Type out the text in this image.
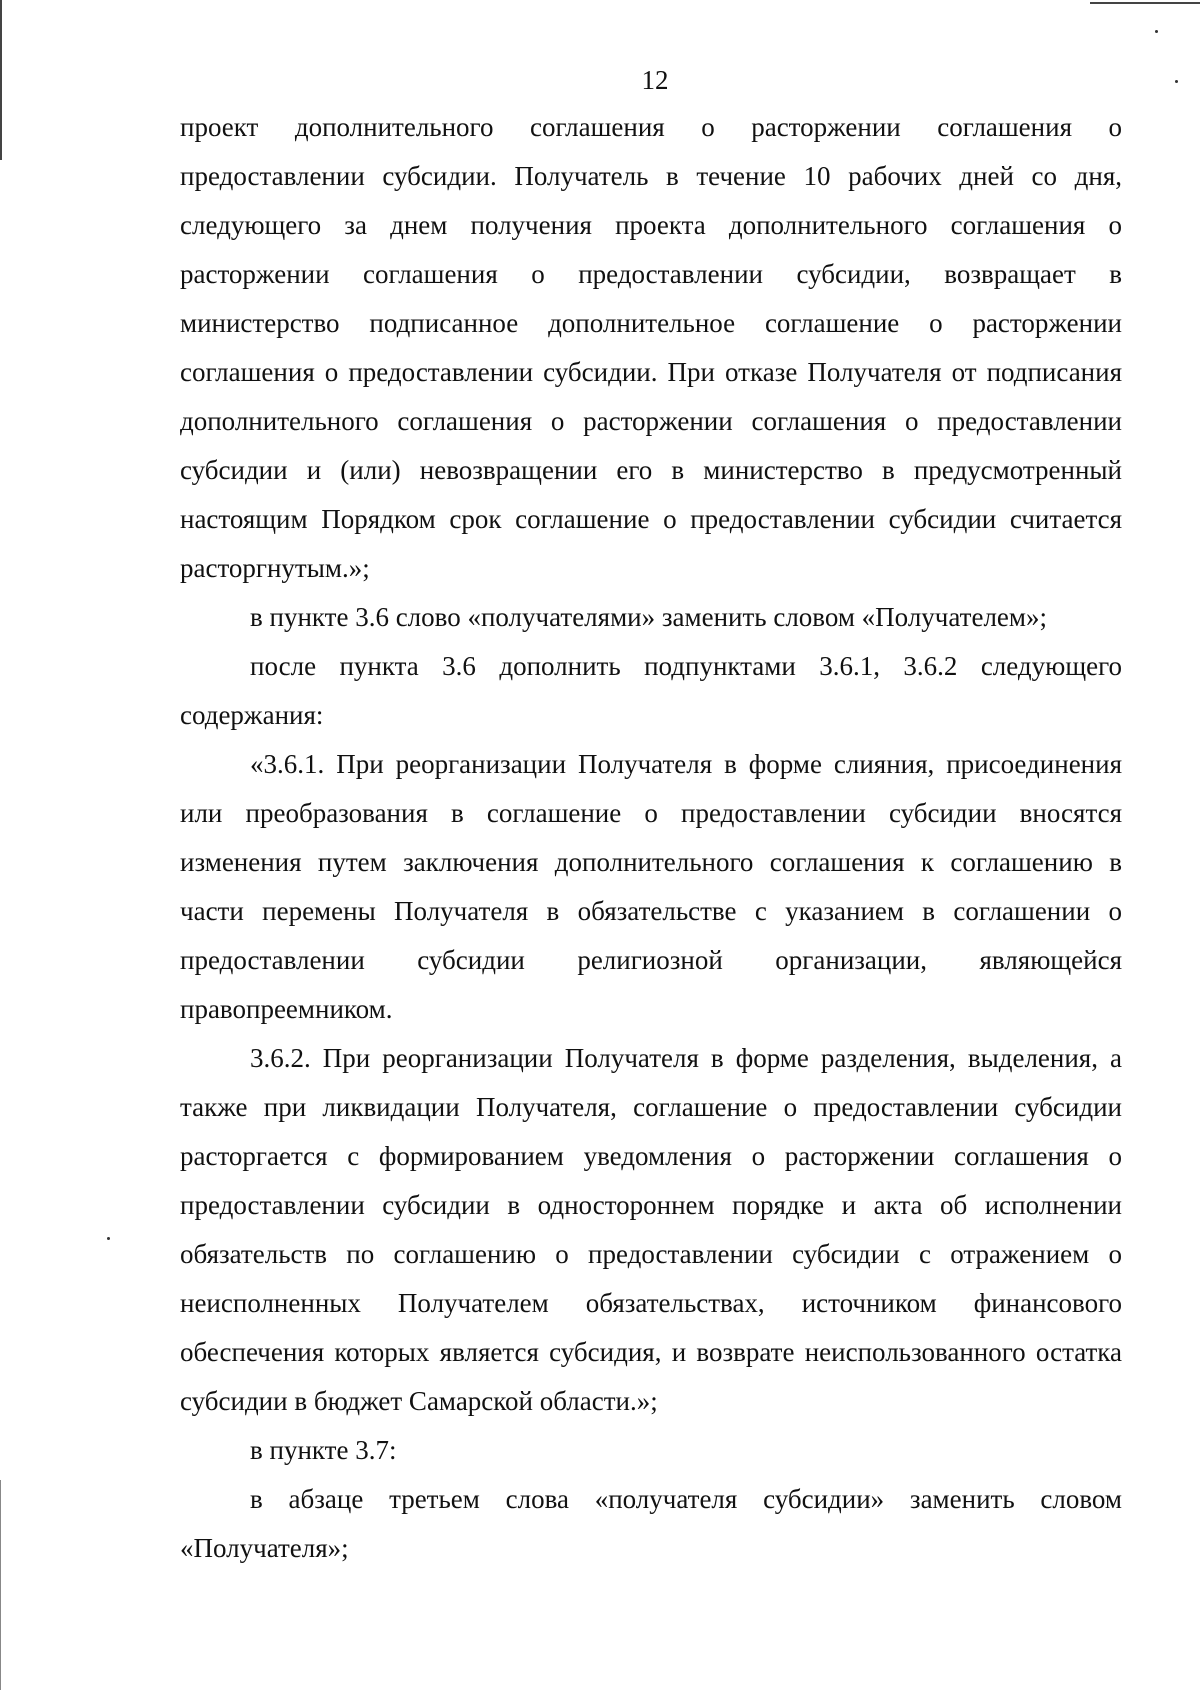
12

проект дополнительного соглашения о расторжении соглашения о предоставлении субсидии. Получатель в течение 10 рабочих дней со дня, следующего за днем получения проекта дополнительного соглашения о расторжении соглашения о предоставлении субсидии, возвращает в министерство подписанное дополнительное соглашение о расторжении соглашения о предоставлении субсидии. При отказе Получателя от подписания дополнительного соглашения о расторжении соглашения о предоставлении субсидии и (или) невозвращении его в министерство в предусмотренный настоящим Порядком срок соглашение о предоставлении субсидии считается расторгнутым.»;

в пункте 3.6 слово «получателями» заменить словом «Получателем»;

после пункта 3.6 дополнить подпунктами 3.6.1, 3.6.2 следующего содержания:

«3.6.1. При реорганизации Получателя в форме слияния, присоединения или преобразования в соглашение о предоставлении субсидии вносятся изменения путем заключения дополнительного соглашения к соглашению в части перемены Получателя в обязательстве с указанием в соглашении о предоставлении субсидии религиозной организации, являющейся правопреемником.

3.6.2. При реорганизации Получателя в форме разделения, выделения, а также при ликвидации Получателя, соглашение о предоставлении субсидии расторгается с формированием уведомления о расторжении соглашения о предоставлении субсидии в одностороннем порядке и акта об исполнении обязательств по соглашению о предоставлении субсидии с отражением о неисполненных Получателем обязательствах, источником финансового обеспечения которых является субсидия, и возврате неиспользованного остатка субсидии в бюджет Самарской области.»;

в пункте 3.7:

в абзаце третьем слова «получателя субсидии» заменить словом «Получателя»;
